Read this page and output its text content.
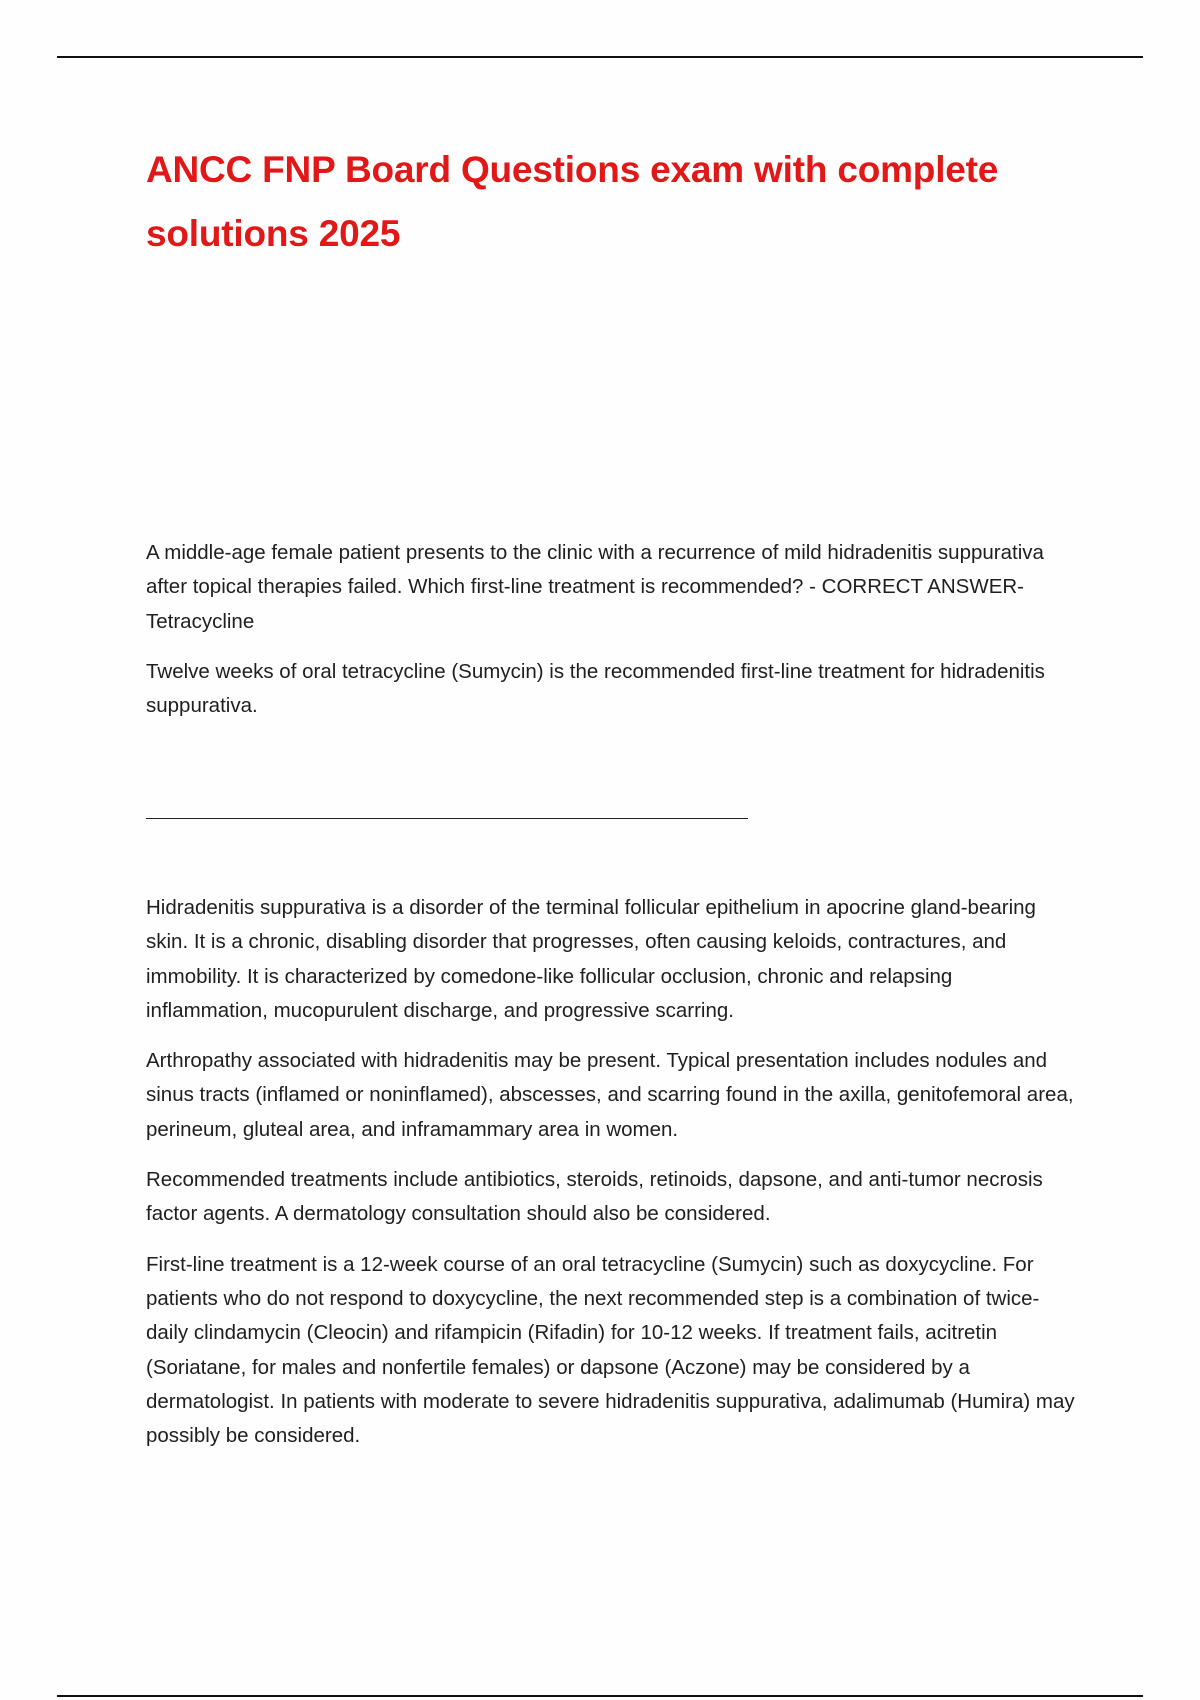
ANCC FNP Board Questions exam with complete solutions 2025

A middle-age female patient presents to the clinic with a recurrence of mild hidradenitis suppurativa after topical therapies failed. Which first-line treatment is recommended? - CORRECT ANSWER-Tetracycline

Twelve weeks of oral tetracycline (Sumycin) is the recommended first-line treatment for hidradenitis suppurativa.

Hidradenitis suppurativa is a disorder of the terminal follicular epithelium in apocrine gland-bearing skin. It is a chronic, disabling disorder that progresses, often causing keloids, contractures, and immobility. It is characterized by comedone-like follicular occlusion, chronic and relapsing inflammation, mucopurulent discharge, and progressive scarring.

Arthropathy associated with hidradenitis may be present. Typical presentation includes nodules and sinus tracts (inflamed or noninflamed), abscesses, and scarring found in the axilla, genitofemoral area, perineum, gluteal area, and inframammary area in women.

Recommended treatments include antibiotics, steroids, retinoids, dapsone, and anti-tumor necrosis factor agents. A dermatology consultation should also be considered.

First-line treatment is a 12-week course of an oral tetracycline (Sumycin) such as doxycycline. For patients who do not respond to doxycycline, the next recommended step is a combination of twice-daily clindamycin (Cleocin) and rifampicin (Rifadin) for 10-12 weeks. If treatment fails, acitretin (Soriatane, for males and nonfertile females) or dapsone (Aczone) may be considered by a dermatologist. In patients with moderate to severe hidradenitis suppurativa, adalimumab (Humira) may possibly be considered.
